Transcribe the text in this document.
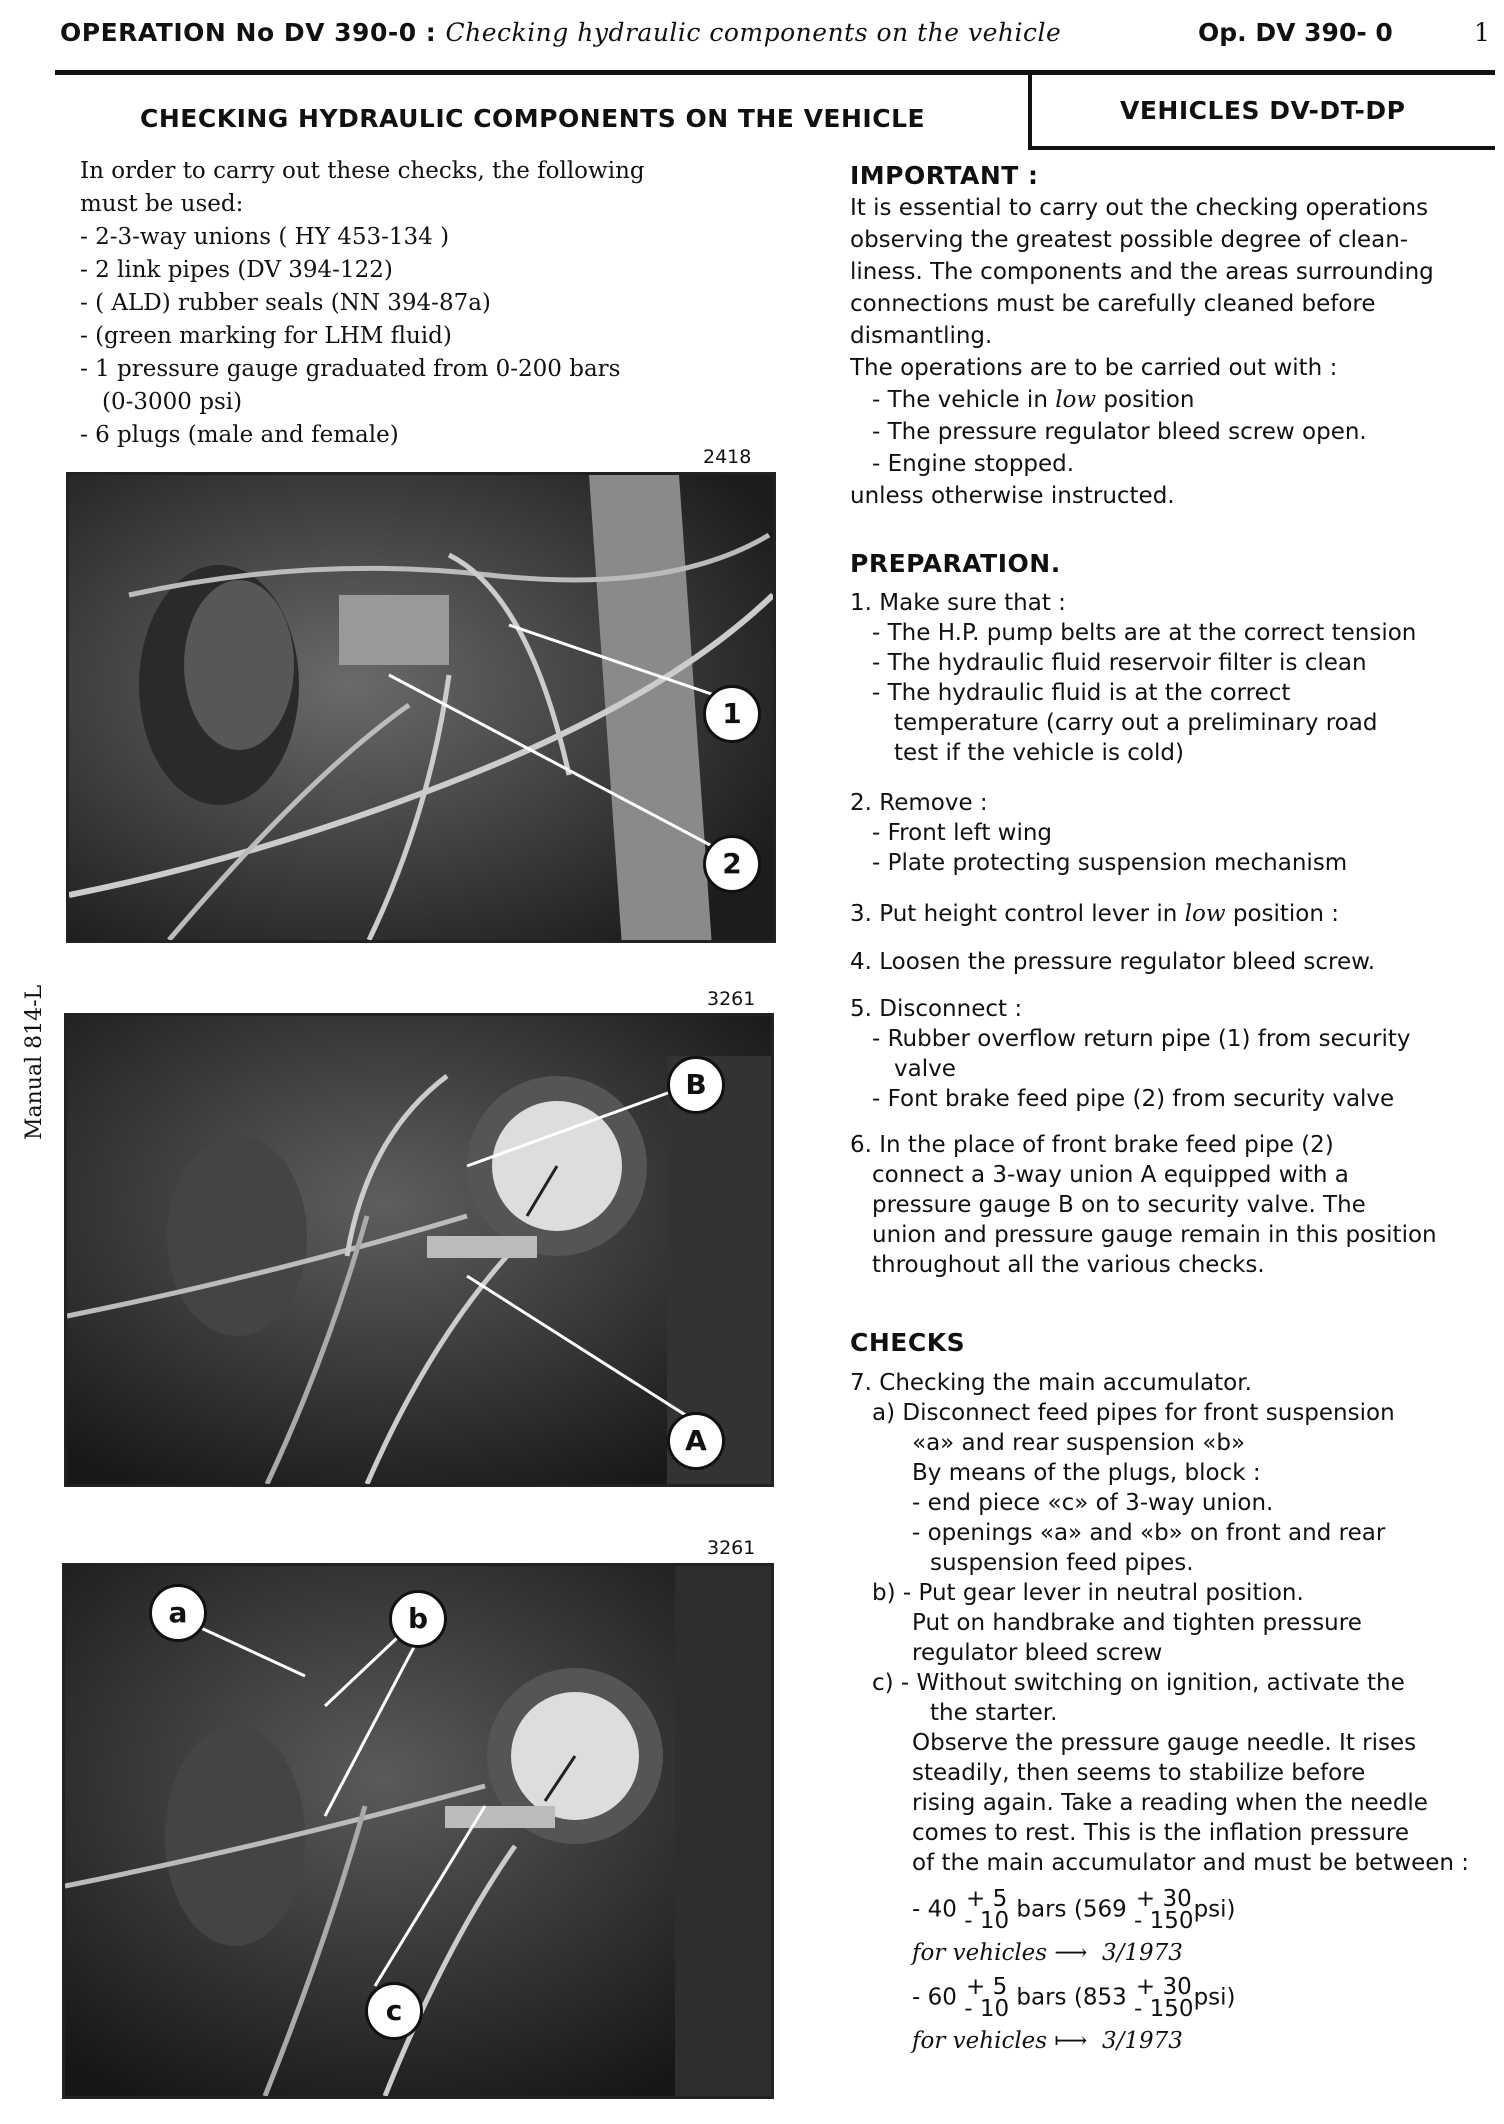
OPERATION No DV 390-0 : Checking hydraulic components on the vehicle	Op. DV 390- 0	1
CHECKING HYDRAULIC COMPONENTS ON THE VEHICLE	VEHICLES DV-DT-DP
Manual 814-L
In order to carry out these checks, the following
must be used:
- 2-3-way unions ( HY 453-134 )
- 2 link pipes (DV 394-122)
- ( ALD) rubber seals (NN 394-87a)
- (green marking for LHM fluid)
- 1 pressure gauge graduated from 0-200 bars
(0-3000 psi)
- 6 plugs (male and female)
2418
1
2
3261
B
A
3261
a	b
c
IMPORTANT :
It is essential to carry out the checking operations
observing the greatest possible degree of clean-
liness. The components and the areas surrounding
connections must be carefully cleaned before
dismantling.
The operations are to be carried out with :
- The vehicle in low position
- The pressure regulator bleed screw open.
- Engine stopped.
unless otherwise instructed.
PREPARATION.
1. Make sure that :
- The H.P. pump belts are at the correct tension
- The hydraulic fluid reservoir filter is clean
- The hydraulic fluid is at the correct
temperature (carry out a preliminary road
test if the vehicle is cold)
2. Remove :
- Front left wing
- Plate protecting suspension mechanism
3. Put height control lever in low position :
4. Loosen the pressure regulator bleed screw.
5. Disconnect :
- Rubber overflow return pipe (1) from security
valve
- Font brake feed pipe (2) from security valve
6. In the place of front brake feed pipe (2)
connect a 3-way union A equipped with a
pressure gauge B on to security valve. The
union and pressure gauge remain in this position
throughout all the various checks.
CHECKS
7. Checking the main accumulator.
a) Disconnect feed pipes for front suspension
«a» and rear suspension «b»
By means of the plugs, block :
- end piece «c» of 3-way union.
- openings «a» and «b» on front and rear
suspension feed pipes.
b) - Put gear lever in neutral position.
Put on handbrake and tighten pressure
regulator bleed screw
c) - Without switching on ignition, activate the
the starter.
Observe the pressure gauge needle. It rises
steadily, then seems to stabilize before
rising again. Take a reading when the needle
comes to rest. This is the inflation pressure
of the main accumulator and must be between :
- 40 + 5
- 10 bars (569 + 30
- 150 psi)
for vehicles ⟶ 3/1973
- 60 + 5
- 10 bars (853 + 30
- 150 psi)
for vehicles ⟼ 3/1973
